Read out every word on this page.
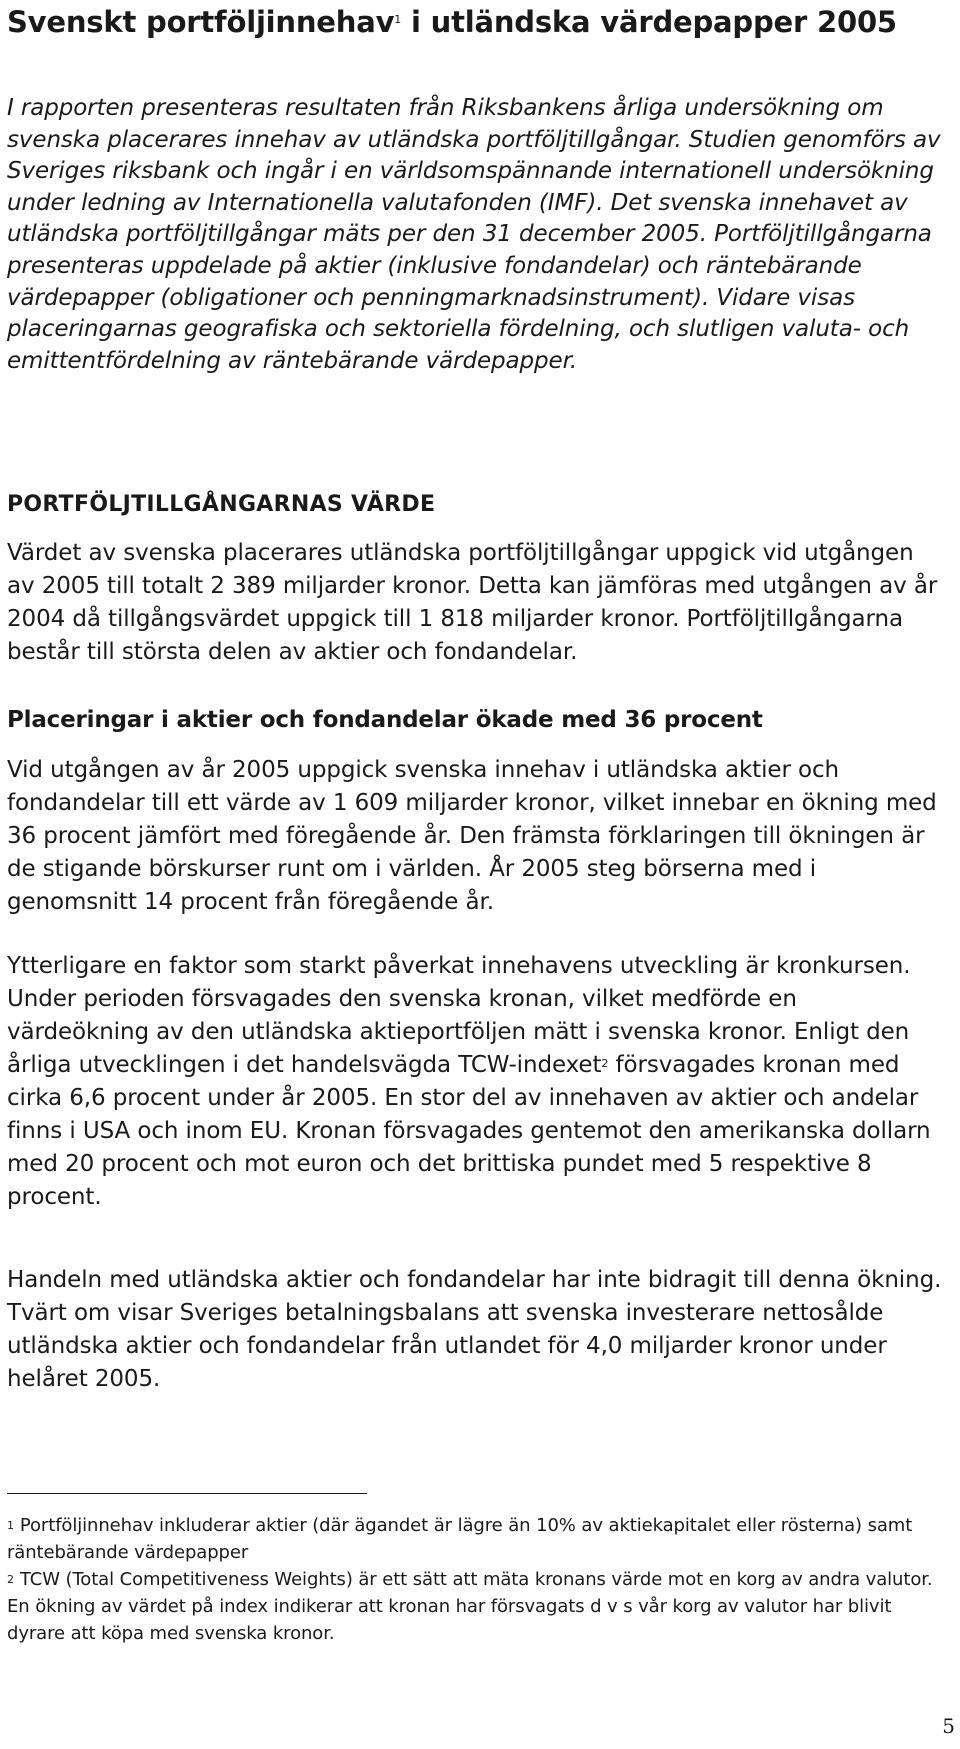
Svenskt portföljinnehav$^1$ i utländska värdepapper 2005

I rapporten presenteras resultaten från Riksbankens årliga undersökning om svenska placerares innehav av utländska portföljtillgångar. Studien genomförs av Sveriges riksbank och ingår i en världsomspännande internationell undersökning under ledning av Internationella valutafonden (IMF). Det svenska innehavet av utländska portföljtillgångar mäts per den 31 december 2005. Portföljtillgångarna presenteras uppdelade på aktier (inklusive fondandelar) och räntebärande värdepapper (obligationer och penningmarknadsinstrument). Vidare visas placeringarnas geografiska och sektoriella fördelning, och slutligen valuta- och emittentfördelning av räntebärande värdepapper.

PORTFÖLJTILLGÅNGARNAS VÄRDE

Värdet av svenska placerares utländska portföljtillgångar uppgick vid utgången av 2005 till totalt 2 389 miljarder kronor. Detta kan jämföras med utgången av år 2004 då tillgångsvärdet uppgick till 1 818 miljarder kronor. Portföljtillgångarna består till största delen av aktier och fondandelar.

Placeringar i aktier och fondandelar ökade med 36 procent

Vid utgången av år 2005 uppgick svenska innehav i utländska aktier och fondandelar till ett värde av 1 609 miljarder kronor, vilket innebar en ökning med 36 procent jämfört med föregående år. Den främsta förklaringen till ökningen är de stigande börskurser runt om i världen. År 2005 steg börserna med i genomsnitt 14 procent från föregående år.

Ytterligare en faktor som starkt påverkat innehavens utveckling är kronkursen. Under perioden försvagades den svenska kronan, vilket medförde en värdeökning av den utländska aktieportföljen mätt i svenska kronor. Enligt den årliga utvecklingen i det handelsvägda TCW-indexet$^2$ försvagades kronan med cirka 6,6 procent under år 2005. En stor del av innehaven av aktier och andelar finns i USA och inom EU. Kronan försvagades gentemot den amerikanska dollarn med 20 procent och mot euron och det brittiska pundet med 5 respektive 8 procent.

Handeln med utländska aktier och fondandelar har inte bidragit till denna ökning. Tvärt om visar Sveriges betalningsbalans att svenska investerare nettosålde utländska aktier och fondandelar från utlandet för 4,0 miljarder kronor under helåret 2005.

$^1$ Portföljinnehav inkluderar aktier (där ägandet är lägre än 10% av aktiekapitalet eller rösterna) samt räntebärande värdepapper

$^2$ TCW (Total Competitiveness Weights) är ett sätt att mäta kronans värde mot en korg av andra valutor. En ökning av värdet på index indikerar att kronan har försvagats d v s vår korg av valutor har blivit dyrare att köpa med svenska kronor.

5
